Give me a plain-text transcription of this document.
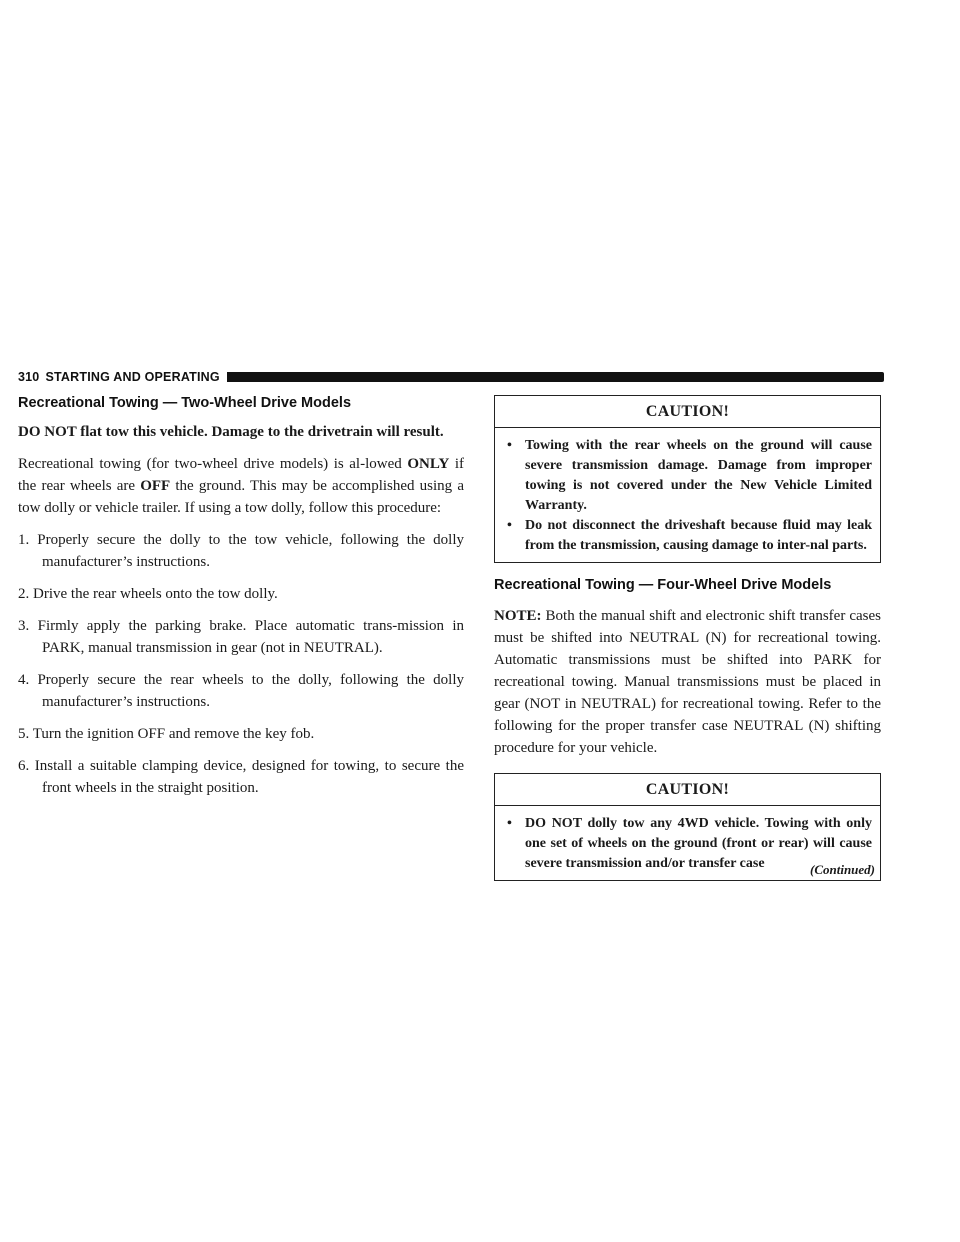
310 STARTING AND OPERATING
Recreational Towing — Two-Wheel Drive Models

DO NOT flat tow this vehicle. Damage to the drivetrain will result.

Recreational towing (for two-wheel drive models) is al-lowed ONLY if the rear wheels are OFF the ground. This may be accomplished using a tow dolly or vehicle trailer. If using a tow dolly, follow this procedure:

1. Properly secure the dolly to the tow vehicle, following the dolly manufacturer’s instructions.
2. Drive the rear wheels onto the tow dolly.
3. Firmly apply the parking brake. Place automatic trans-mission in PARK, manual transmission in gear (not in NEUTRAL).
4. Properly secure the rear wheels to the dolly, following the dolly manufacturer’s instructions.
5. Turn the ignition OFF and remove the key fob.
6. Install a suitable clamping device, designed for towing, to secure the front wheels in the straight position.
CAUTION!
• Towing with the rear wheels on the ground will cause severe transmission damage. Damage from improper towing is not covered under the New Vehicle Limited Warranty.
• Do not disconnect the driveshaft because fluid may leak from the transmission, causing damage to inter-nal parts.
Recreational Towing — Four-Wheel Drive Models

NOTE: Both the manual shift and electronic shift transfer cases must be shifted into NEUTRAL (N) for recreational towing. Automatic transmissions must be shifted into PARK for recreational towing. Manual transmissions must be placed in gear (NOT in NEUTRAL) for recreational towing. Refer to the following for the proper transfer case NEUTRAL (N) shifting procedure for your vehicle.

CAUTION!
• DO NOT dolly tow any 4WD vehicle. Towing with only one set of wheels on the ground (front or rear) will cause severe transmission and/or transfer case	(Continued)
